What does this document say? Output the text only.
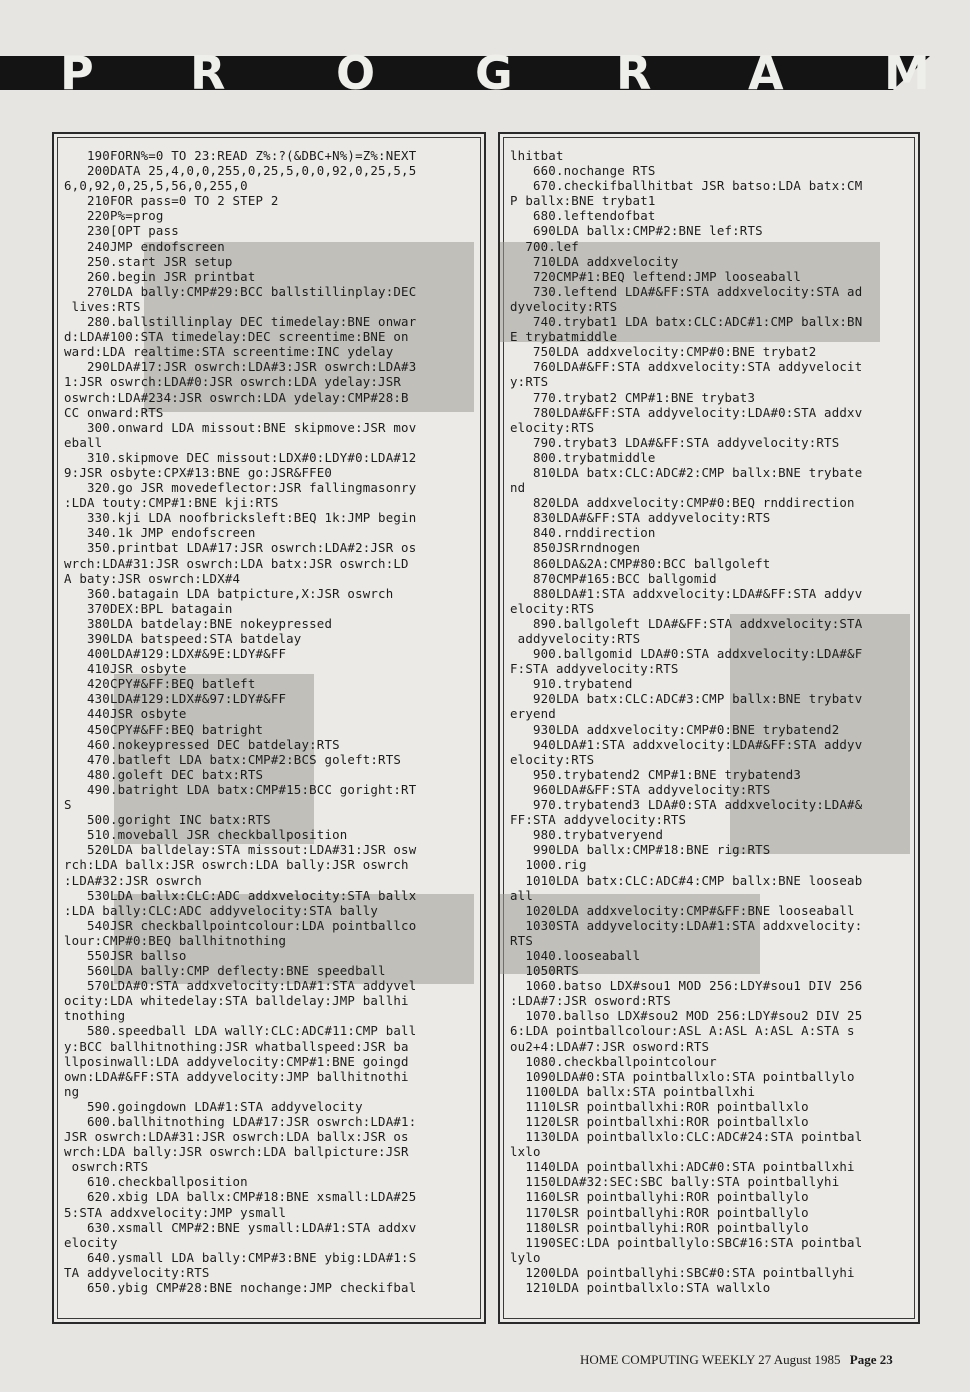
P R O G R A M
190FORN%=0 TO 23:READ Z%:?(&DBC+N%)=Z%:NEXT
200DATA 25,4,0,0,255,0,25,5,0,0,92,0,25,5,5
6,0,92,0,25,5,56,0,255,0
210FOR pass=0 TO 2 STEP 2
220P%=prog
230[OPT pass
240JMP endofscreen
250.start JSR setup
260.begin JSR printbat
270LDA bally:CMP#29:BCC ballstillinplay:DEC
lives:RTS
280.ballstillinplay DEC timedelay:BNE onwar
d:LDA#100:STA timedelay:DEC screentime:BNE on
ward:LDA realtime:STA screentime:INC ydelay
290LDA#17:JSR oswrch:LDA#3:JSR oswrch:LDA#3
1:JSR oswrch:LDA#0:JSR oswrch:LDA ydelay:JSR
oswrch:LDA#234:JSR oswrch:LDA ydelay:CMP#28:B
CC onward:RTS
300.onward LDA missout:BNE skipmove:JSR mov
eball
310.skipmove DEC missout:LDX#0:LDY#0:LDA#12
9:JSR osbyte:CPX#13:BNE go:JSR&FFE0
320.go JSR movedeflector:JSR fallingmasonry
:LDA touty:CMP#1:BNE kji:RTS
330.kji LDA noofbricksleft:BEQ 1k:JMP begin
340.1k JMP endofscreen
350.printbat LDA#17:JSR oswrch:LDA#2:JSR os
wrch:LDA#31:JSR oswrch:LDA batx:JSR oswrch:LD
A baty:JSR oswrch:LDX#4
360.batagain LDA batpicture,X:JSR oswrch
370DEX:BPL batagain
380LDA batdelay:BNE nokeypressed
390LDA batspeed:STA batdelay
400LDA#129:LDX#&9E:LDY#&FF
410JSR osbyte
420CPY#&FF:BEQ batleft
430LDA#129:LDX#&97:LDY#&FF
440JSR osbyte
450CPY#&FF:BEQ batright
460.nokeypressed DEC batdelay:RTS
470.batleft LDA batx:CMP#2:BCS goleft:RTS
480.goleft DEC batx:RTS
490.batright LDA batx:CMP#15:BCC goright:RT
S
500.goright INC batx:RTS
510.moveball JSR checkballposition
520LDA balldelay:STA missout:LDA#31:JSR osw
rch:LDA ballx:JSR oswrch:LDA bally:JSR oswrch
:LDA#32:JSR oswrch
530LDA ballx:CLC:ADC addxvelocity:STA ballx
:LDA bally:CLC:ADC addyvelocity:STA bally
540JSR checkballpointcolour:LDA pointballco
lour:CMP#0:BEQ ballhitnothing
550JSR ballso
560LDA bally:CMP deflecty:BNE speedball
570LDA#0:STA addxvelocity:LDA#1:STA addyvel
ocity:LDA whitedelay:STA balldelay:JMP ballhi
tnothing
580.speedball LDA wallY:CLC:ADC#11:CMP ball
y:BCC ballhitnothing:JSR whatballspeed:JSR ba
llposinwall:LDA addyvelocity:CMP#1:BNE goingd
own:LDA#&FF:STA addyvelocity:JMP ballhitnothi
ng
590.goingdown LDA#1:STA addyvelocity
600.ballhitnothing LDA#17:JSR oswrch:LDA#1:
JSR oswrch:LDA#31:JSR oswrch:LDA ballx:JSR os
wrch:LDA bally:JSR oswrch:LDA ballpicture:JSR
oswrch:RTS
610.checkballposition
620.xbig LDA ballx:CMP#18:BNE xsmall:LDA#25
5:STA addxvelocity:JMP ysmall
630.xsmall CMP#2:BNE ysmall:LDA#1:STA addxv
elocity
640.ysmall LDA bally:CMP#3:BNE ybig:LDA#1:S
TA addyvelocity:RTS
650.ybig CMP#28:BNE nochange:JMP checkifbal
lhitbat
660.nochange RTS
670.checkifballhitbat JSR batso:LDA batx:CM
P ballx:BNE trybat1
680.leftendofbat
690LDA ballx:CMP#2:BNE lef:RTS
700.lef
710LDA addxvelocity
720CMP#1:BEQ leftend:JMP looseaball
730.leftend LDA#&FF:STA addxvelocity:STA ad
dyvelocity:RTS
740.trybat1 LDA batx:CLC:ADC#1:CMP ballx:BN
E trybatmiddle
750LDA addxvelocity:CMP#0:BNE trybat2
760LDA#&FF:STA addxvelocity:STA addyvelocit
y:RTS
770.trybat2 CMP#1:BNE trybat3
780LDA#&FF:STA addyvelocity:LDA#0:STA addxv
elocity:RTS
790.trybat3 LDA#&FF:STA addyvelocity:RTS
800.trybatmiddle
810LDA batx:CLC:ADC#2:CMP ballx:BNE trybate
nd
820LDA addxvelocity:CMP#0:BEQ rnddirection
830LDA#&FF:STA addyvelocity:RTS
840.rnddirection
850JSRrndnogen
860LDA&2A:CMP#80:BCC ballgoleft
870CMP#165:BCC ballgomid
880LDA#1:STA addxvelocity:LDA#&FF:STA addyv
elocity:RTS
890.ballgoleft LDA#&FF:STA addxvelocity:STA
addyvelocity:RTS
900.ballgomid LDA#0:STA addxvelocity:LDA#&F
F:STA addyvelocity:RTS
910.trybatend
920LDA batx:CLC:ADC#3:CMP ballx:BNE trybatv
eryend
930LDA addxvelocity:CMP#0:BNE trybatend2
940LDA#1:STA addxvelocity:LDA#&FF:STA addyv
elocity:RTS
950.trybatend2 CMP#1:BNE trybatend3
960LDA#&FF:STA addyvelocity:RTS
970.trybatend3 LDA#0:STA addxvelocity:LDA#&
FF:STA addyvelocity:RTS
980.trybatveryend
990LDA ballx:CMP#18:BNE rig:RTS
1000.rig
1010LDA batx:CLC:ADC#4:CMP ballx:BNE looseab
all
1020LDA addxvelocity:CMP#&FF:BNE looseaball
1030STA addyvelocity:LDA#1:STA addxvelocity:
RTS
1040.looseaball
1050RTS
1060.batso LDX#sou1 MOD 256:LDY#sou1 DIV 256
:LDA#7:JSR osword:RTS
1070.ballso LDX#sou2 MOD 256:LDY#sou2 DIV 25
6:LDA pointballcolour:ASL A:ASL A:ASL A:STA s
ou2+4:LDA#7:JSR osword:RTS
1080.checkballpointcolour
1090LDA#0:STA pointballxlo:STA pointballylo
1100LDA ballx:STA pointballxhi
1110LSR pointballxhi:ROR pointballxlo
1120LSR pointballxhi:ROR pointballxlo
1130LDA pointballxlo:CLC:ADC#24:STA pointbal
lxlo
1140LDA pointballxhi:ADC#0:STA pointballxhi
1150LDA#32:SEC:SBC bally:STA pointballyhi
1160LSR pointballyhi:ROR pointballylo
1170LSR pointballyhi:ROR pointballylo
1180LSR pointballyhi:ROR pointballylo
1190SEC:LDA pointballylo:SBC#16:STA pointbal
lylo
1200LDA pointballyhi:SBC#0:STA pointballyhi
1210LDA pointballxlo:STA wallxlo
HOME COMPUTING WEEKLY 27 August 1985 Page 23
